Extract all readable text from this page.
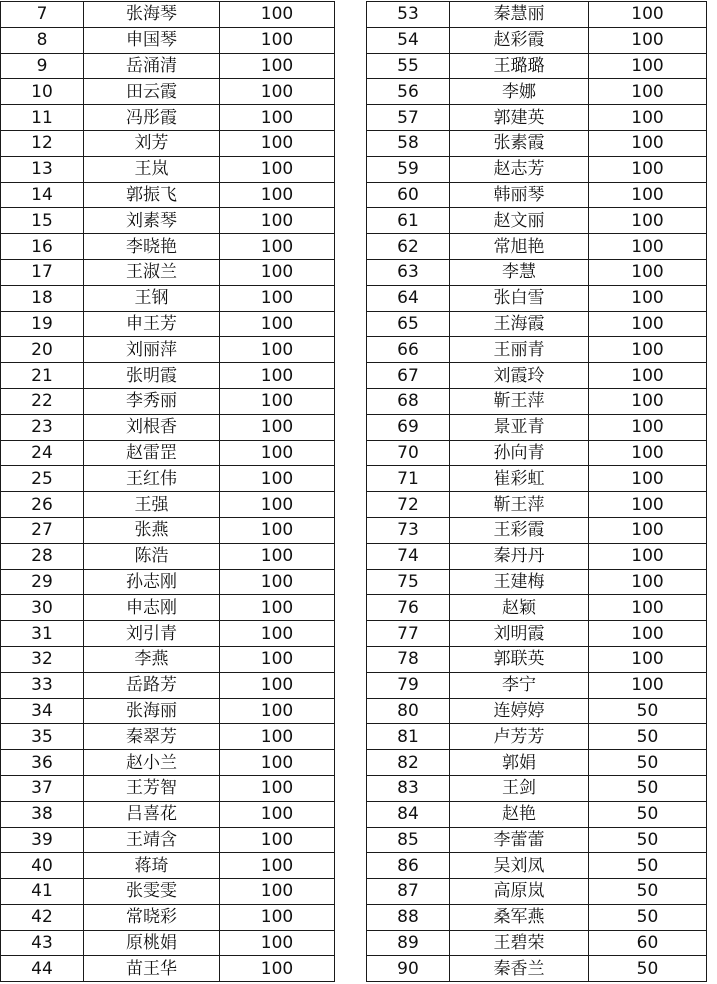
7	张海琴	100		53	秦慧丽	100
8	申国琴	100		54	赵彩霞	100
9	岳涌清	100		55	王璐璐	100
10	田云霞	100		56	李娜	100
11	冯彤霞	100		57	郭建英	100
12	刘芳	100		58	张素霞	100
13	王岚	100		59	赵志芳	100
14	郭振飞	100		60	韩丽琴	100
15	刘素琴	100		61	赵文丽	100
16	李晓艳	100		62	常旭艳	100
17	王淑兰	100		63	李慧	100
18	王钢	100		64	张白雪	100
19	申王芳	100		65	王海霞	100
20	刘丽萍	100		66	王丽青	100
21	张明霞	100		67	刘霞玲	100
22	李秀丽	100		68	靳王萍	100
23	刘根香	100		69	景亚青	100
24	赵雷罡	100		70	孙向青	100
25	王红伟	100		71	崔彩虹	100
26	王强	100		72	靳王萍	100
27	张燕	100		73	王彩霞	100
28	陈浩	100		74	秦丹丹	100
29	孙志刚	100		75	王建梅	100
30	申志刚	100		76	赵颖	100
31	刘引青	100		77	刘明霞	100
32	李燕	100		78	郭联英	100
33	岳路芳	100		79	李宁	100
34	张海丽	100		80	连婷婷	50
35	秦翠芳	100		81	卢芳芳	50
36	赵小兰	100		82	郭娟	50
37	王芳智	100		83	王剑	50
38	吕喜花	100		84	赵艳	50
39	王靖含	100		85	李蕾蕾	50
40	蒋琦	100		86	吴刘凤	50
41	张雯雯	100		87	高原岚	50
42	常晓彩	100		88	桑军燕	50
43	原桃娟	100		89	王碧荣	60
44	苗王华	100		90	秦香兰	50
